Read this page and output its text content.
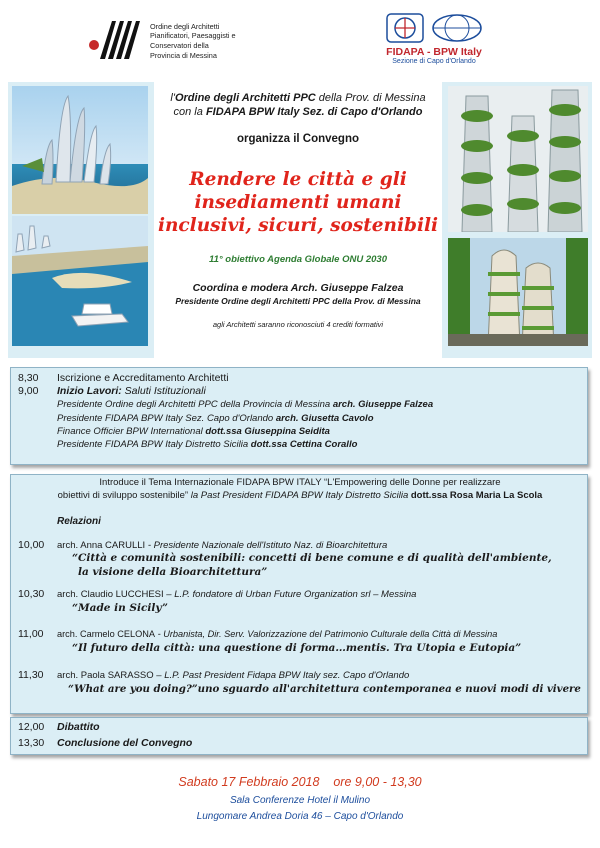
Ordine degli Architetti
Pianificatori, Paesaggisti e
Conservatori della
Provincia di Messina	FIDAPA - BPW Italy
Sezione di Capo d'Orlando
l'Ordine degli Architetti PPC della Prov. di Messina
con la FIDAPA BPW Italy Sez. di Capo d'Orlando
organizza il Convegno
Rendere le città e gli
insediamenti umani
inclusivi, sicuri, sostenibili
11° obiettivo Agenda Globale ONU 2030
Coordina e modera Arch. Giuseppe Falzea
Presidente Ordine degli Architetti PPC della Prov. di Messina
agli Architetti saranno riconosciuti 4 crediti formativi
8,30 Iscrizione e Accreditamento Architetti
9,00 Inizio Lavori: Saluti Istituzionali
Presidente Ordine degli Architetti PPC della Provincia di Messina arch. Giuseppe Falzea
Presidente FIDAPA BPW Italy Sez. Capo d'Orlando arch. Giusetta Cavolo
Finance Officier BPW International dott.ssa Giuseppina Seidita
Presidente FIDAPA BPW Italy Distretto Sicilia dott.ssa Cettina Corallo
Introduce il Tema Internazionale FIDAPA BPW ITALY “L'Empowering delle Donne per realizzare
obiettivi di sviluppo sostenibile” la Past President FIDAPA BPW Italy Distretto Sicilia dott.ssa Rosa Maria La Scola
Relazioni
10,00 arch. Anna CARULLI - Presidente Nazionale dell'Istituto Naz. di Bioarchitettura
“Città e comunità sostenibili: concetti di bene comune e di qualità dell'ambiente,
la visione della Bioarchitettura”
10,30 arch. Claudio LUCCHESI – L.P. fondatore di Urban Future Organization srl – Messina
“Made in Sicily”
11,00 arch. Carmelo CELONA - Urbanista, Dir. Serv. Valorizzazione del Patrimonio Culturale della Città di Messina
“Il futuro della città: una questione di forma…mentis. Tra Utopia e Eutopia”
11,30 arch. Paola SARASSO – L.P. Past President Fidapa BPW Italy sez. Capo d'Orlando
“What are you doing?”uno sguardo all'architettura contemporanea e nuovi modi di vivere
12,00 Dibattito
13,30 Conclusione del Convegno
Sabato 17 Febbraio 2018    ore 9,00 - 13,30
Sala Conferenze Hotel il Mulino
Lungomare Andrea Doria 46 – Capo d'Orlando
